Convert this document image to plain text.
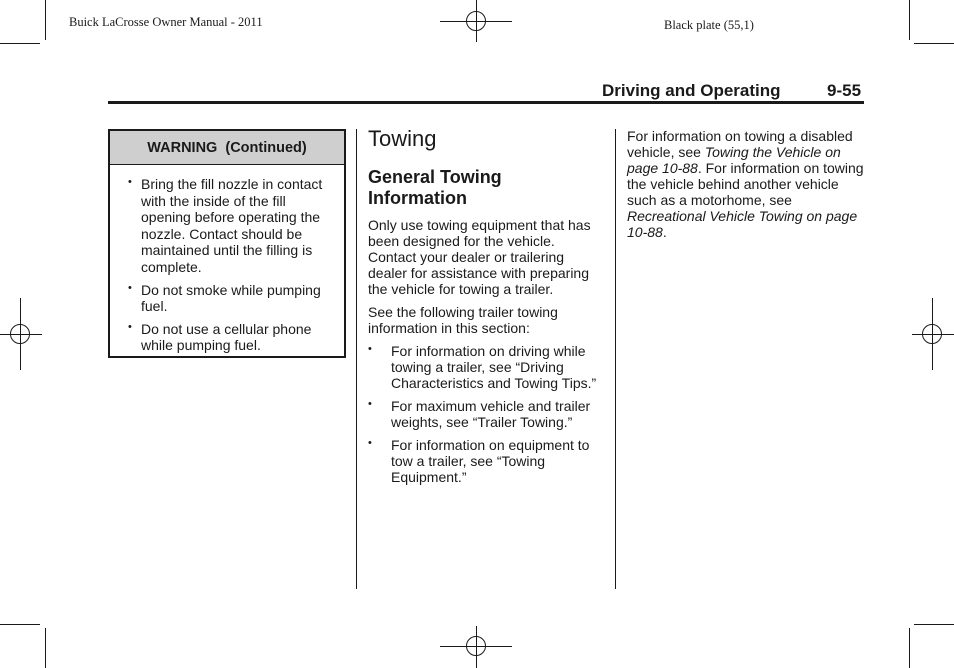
Buick LaCrosse Owner Manual - 2011	Black plate (55,1)
Driving and Operating	9-55
WARNING  (Continued)
• Bring the fill nozzle in contact with the inside of the fill opening before operating the nozzle. Contact should be maintained until the filling is complete.
• Do not smoke while pumping fuel.
• Do not use a cellular phone while pumping fuel.
Towing
General Towing Information

Only use towing equipment that has been designed for the vehicle. Contact your dealer or trailering dealer for assistance with preparing the vehicle for towing a trailer.

See the following trailer towing information in this section:

• For information on driving while towing a trailer, see “Driving Characteristics and Towing Tips.”
• For maximum vehicle and trailer weights, see “Trailer Towing.”
• For information on equipment to tow a trailer, see “Towing Equipment.”
For information on towing a disabled vehicle, see Towing the Vehicle on page 10-88. For information on towing the vehicle behind another vehicle such as a motorhome, see Recreational Vehicle Towing on page 10-88.
